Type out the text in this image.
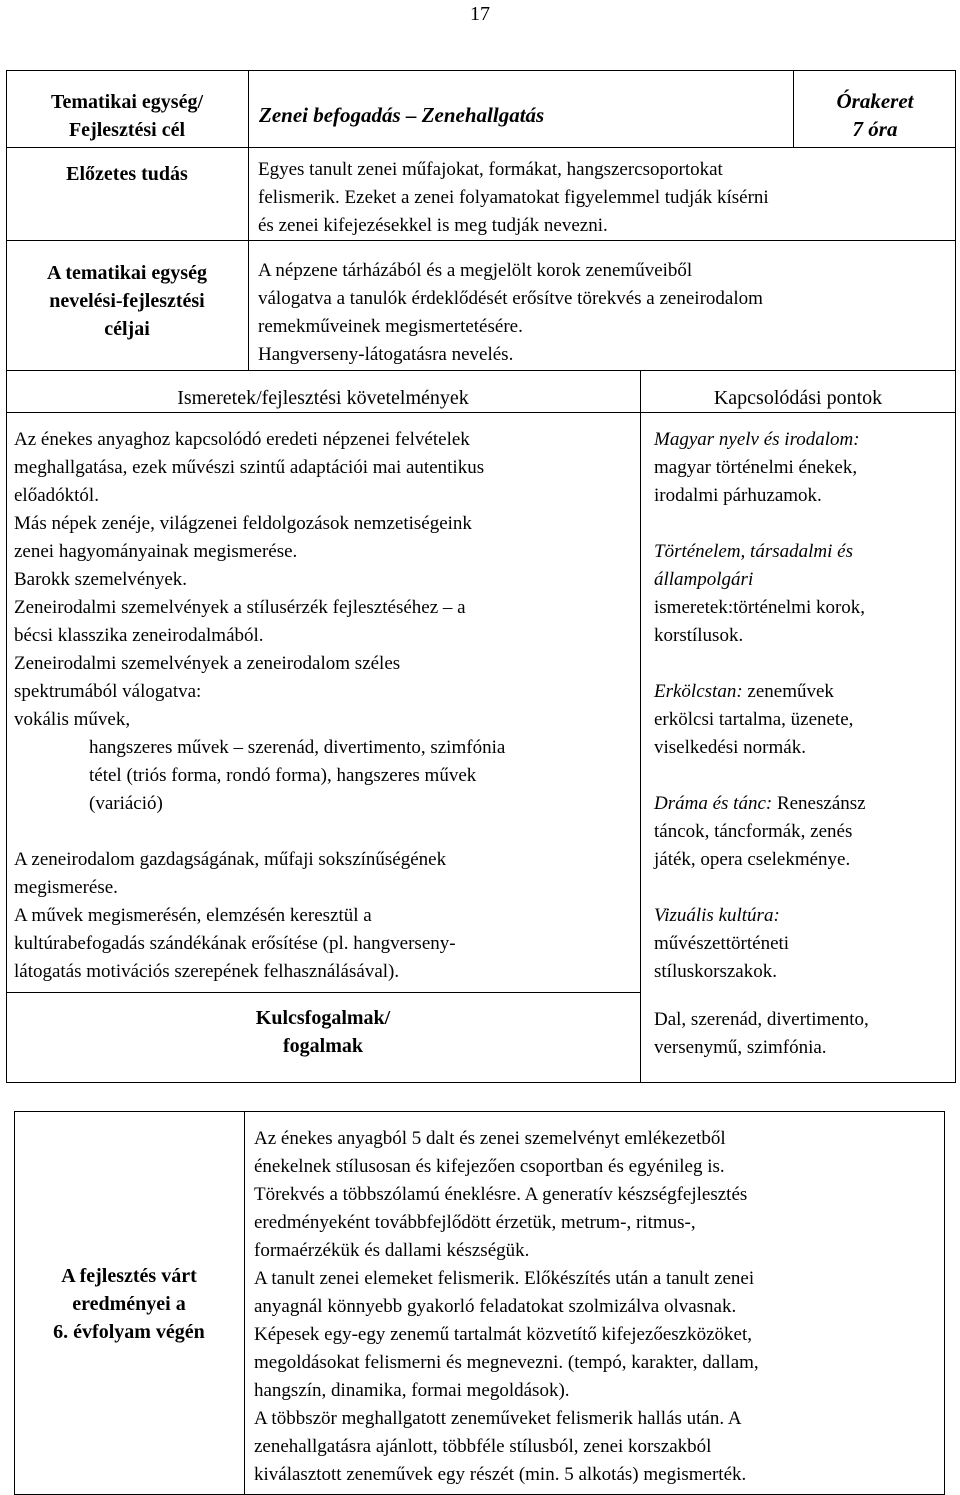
17
Tematikai egység/
Fejlesztési cél
Zenei befogadás – Zenehallgatás
Órakeret
7 óra
Előzetes tudás	Egyes tanult zenei műfajokat, formákat, hangszercsoportokat
felismerik. Ezeket a zenei folyamatokat figyelemmel tudják kísérni
és zenei kifejezésekkel is meg tudják nevezni.
A tematikai egység
nevelési-fejlesztési
céljai
A népzene tárházából és a megjelölt korok zeneműveiből
válogatva a tanulók érdeklődését erősítve törekvés a zeneirodalom
remekműveinek megismertetésére.
Hangverseny-látogatásra nevelés.
Ismeretek/fejlesztési követelmények	Kapcsolódási pontok
Az énekes anyaghoz kapcsolódó eredeti népzenei felvételek
meghallgatása, ezek művészi szintű adaptációi mai autentikus
előadóktól.
Más népek zenéje, világzenei feldolgozások nemzetiségeink
zenei hagyományainak megismerése.
Barokk szemelvények.
Zeneirodalmi szemelvények a stílusérzék fejlesztéséhez – a
bécsi klasszika zeneirodalmából.
Zeneirodalmi szemelvények a zeneirodalom széles
spektrumából válogatva:
vokális művek,
hangszeres művek – szerenád, divertimento, szimfónia
tétel (triós forma, rondó forma), hangszeres művek
(variáció)
A zeneirodalom gazdagságának, műfaji sokszínűségének
megismerése.
A művek megismerésén, elemzésén keresztül a
kultúrabefogadás szándékának erősítése (pl. hangverseny-
látogatás motivációs szerepének felhasználásával).
Magyar nyelv és irodalom:
magyar történelmi énekek,
irodalmi párhuzamok.
Történelem, társadalmi és
állampolgári
ismeretek:történelmi korok,
korstílusok.
Erkölcstan: zeneművek
erkölcsi tartalma, üzenete,
viselkedési normák.
Dráma és tánc: Reneszánsz
táncok, táncformák, zenés
játék, opera cselekménye.
Vizuális kultúra:
művészettörténeti
stíluskorszakok.
Kulcsfogalmak/
fogalmak
Dal, szerenád, divertimento,
versenymű, szimfónia.
A fejlesztés várt
eredményei a
6. évfolyam végén
Az énekes anyagból 5 dalt és zenei szemelvényt emlékezetből
énekelnek stílusosan és kifejezően csoportban és egyénileg is.
Törekvés a többszólamú éneklésre. A generatív készségfejlesztés
eredményeként továbbfejlődött érzetük, metrum-, ritmus-,
formaérzékük és dallami készségük.
A tanult zenei elemeket felismerik. Előkészítés után a tanult zenei
anyagnál könnyebb gyakorló feladatokat szolmizálva olvasnak.
Képesek egy-egy zenemű tartalmát közvetítő kifejezőeszközöket,
megoldásokat felismerni és megnevezni. (tempó, karakter, dallam,
hangszín, dinamika, formai megoldások).
A többször meghallgatott zeneműveket felismerik hallás után. A
zenehallgatásra ajánlott, többféle stílusból, zenei korszakból
kiválasztott zeneművek egy részét (min. 5 alkotás) megismerték.
